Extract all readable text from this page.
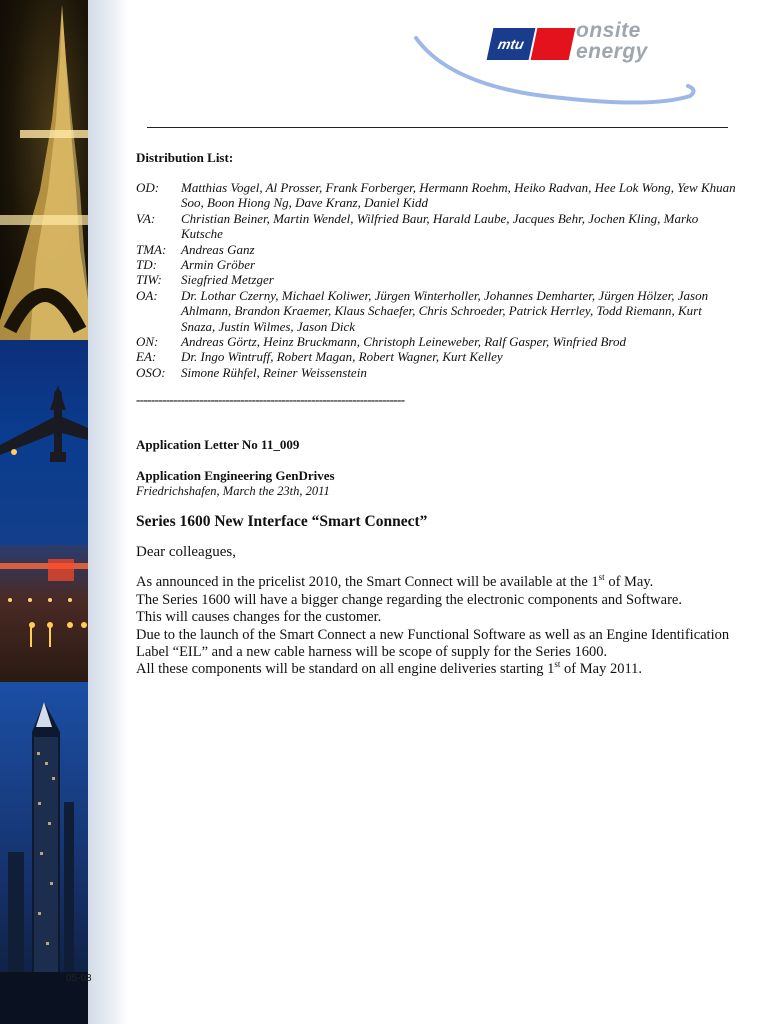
mtu
onsite
energy

Distribution List:

OD:	Matthias Vogel, Al Prosser, Frank Forberger, Hermann Roehm, Heiko Radvan, Hee Lok Wong, Yew Khuan Soo, Boon Hiong Ng, Dave Kranz, Daniel Kidd
VA:	Christian Beiner, Martin Wendel, Wilfried Baur, Harald Laube, Jacques Behr, Jochen Kling, Marko Kutsche
TMA:	Andreas Ganz
TD:	Armin Gröber
TIW:	Siegfried Metzger
OA:	Dr. Lothar Czerny, Michael Koliwer, Jürgen Winterholler, Johannes Demharter, Jürgen Hölzer, Jason Ahlmann, Brandon Kraemer, Klaus Schaefer, Chris Schroeder, Patrick Herrley, Todd Riemann, Kurt Snaza, Justin Wilmes, Jason Dick
ON:	Andreas Görtz, Heinz Bruckmann, Christoph Leineweber, Ralf Gasper, Winfried Brod
EA:	Dr. Ingo Wintruff, Robert Magan, Robert Wagner, Kurt Kelley
OSO:	Simone Rühfel, Reiner Weissenstein
------------------------------------------------------------------------
Application Letter No 11_009
Application Engineering GenDrives
Friedrichshafen, March the 23th, 2011
Series 1600 New Interface “Smart Connect”
Dear colleagues,
As announced in the pricelist 2010, the Smart Connect will be available at the 1st of May.
The Series 1600 will have a bigger change regarding the electronic components and Software.
This will causes changes for the customer.
Due to the launch of the Smart Connect a new Functional Software as well as an Engine Identification Label “EIL” and a new cable harness will be scope of supply for the Series 1600.
All these components will be standard on all engine deliveries starting 1st of May 2011.
05-03
